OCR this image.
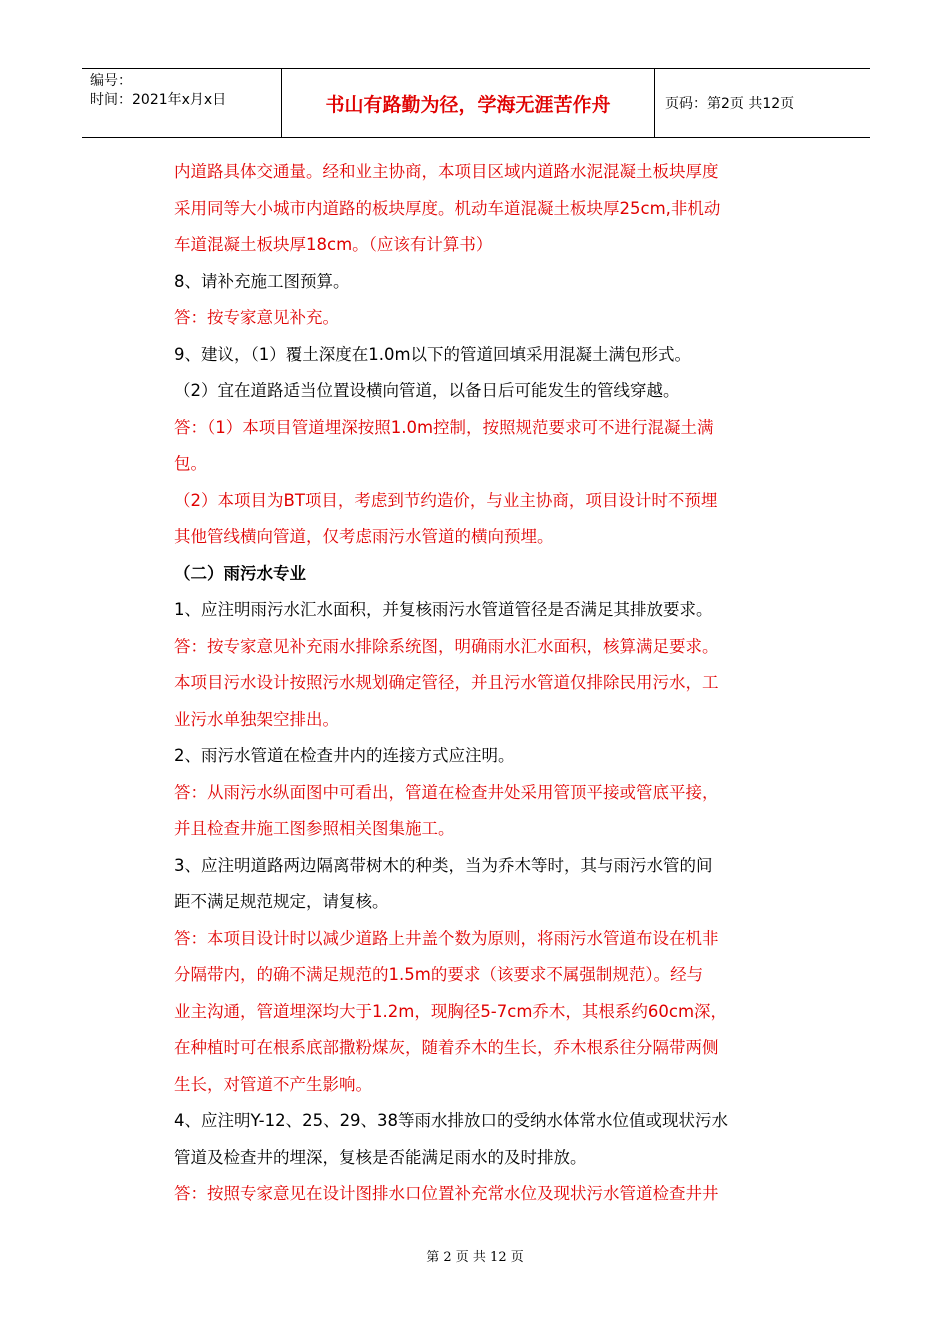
编号：
时间：2021年x月x日	书山有路勤为径，学海无涯苦作舟	页码：第2页 共12页

内道路具体交通量。经和业主协商，本项目区域内道路水泥混凝土板块厚度

采用同等大小城市内道路的板块厚度。机动车道混凝土板块厚25cm,非机动

车道混凝土板块厚18cm。（应该有计算书）

8、请补充施工图预算。

答：按专家意见补充。

9、建议，（1）覆土深度在1.0m以下的管道回填采用混凝土满包形式。

（2）宜在道路适当位置设横向管道，以备日后可能发生的管线穿越。

答：（1）本项目管道埋深按照1.0m控制，按照规范要求可不进行混凝土满

包。

（2）本项目为BT项目，考虑到节约造价，与业主协商，项目设计时不预埋

其他管线横向管道，仅考虑雨污水管道的横向预埋。

（二）雨污水专业

1、应注明雨污水汇水面积，并复核雨污水管道管径是否满足其排放要求。

答：按专家意见补充雨水排除系统图，明确雨水汇水面积，核算满足要求。

本项目污水设计按照污水规划确定管径，并且污水管道仅排除民用污水，工

业污水单独架空排出。

2、雨污水管道在检查井内的连接方式应注明。

答：从雨污水纵面图中可看出，管道在检查井处采用管顶平接或管底平接，

并且检查井施工图参照相关图集施工。

3、应注明道路两边隔离带树木的种类，当为乔木等时，其与雨污水管的间

距不满足规范规定，请复核。

答：本项目设计时以减少道路上井盖个数为原则，将雨污水管道布设在机非

分隔带内，的确不满足规范的1.5m的要求（该要求不属强制规范）。经与

业主沟通，管道埋深均大于1.2m，现胸径5-7cm乔木，其根系约60cm深，

在种植时可在根系底部撒粉煤灰，随着乔木的生长，乔木根系往分隔带两侧

生长，对管道不产生影响。

4、应注明Y-12、25、29、38等雨水排放口的受纳水体常水位值或现状污水

管道及检查井的埋深，复核是否能满足雨水的及时排放。

答：按照专家意见在设计图排水口位置补充常水位及现状污水管道检查井井

第 2 页 共 12 页
